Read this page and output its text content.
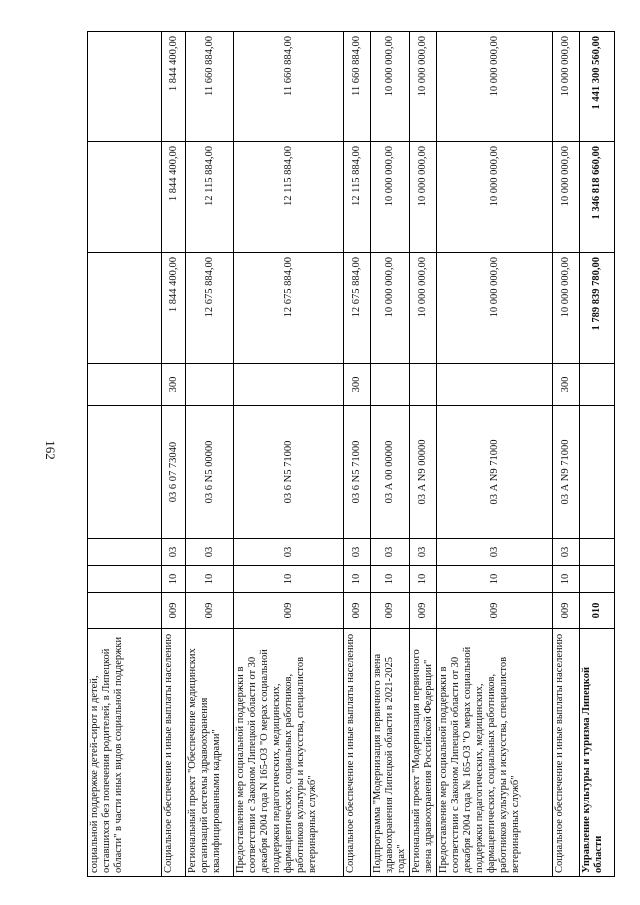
162
социальной поддержке детей-сирот и детей, оставшихся без попечения родителей, в Липецкой области" в части иных видов социальной поддержки								
Социальное обеспечение и иные выплаты населению	009	10	03	03 6 07 73040	300	1 844 400,00	1 844 400,00	1 844 400,00
Региональный проект "Обеспечение медицинских организаций системы здравоохранения квалифицированными кадрами"	009	10	03	03 6 N5 00000		12 675 884,00	12 115 884,00	11 660 884,00
Предоставление мер социальной поддержки в соответствии с Законом Липецкой области от 30 декабря 2004 года N 165-ОЗ "О мерах социальной поддержки педагогических, медицинских, фармацевтических, социальных работников, работников культуры и искусства, специалистов ветеринарных служб"	009	10	03	03 6 N5 71000		12 675 884,00	12 115 884,00	11 660 884,00
Социальное обеспечение и иные выплаты населению	009	10	03	03 6 N5 71000	300	12 675 884,00	12 115 884,00	11 660 884,00
Подпрограмма "Модернизация первичного звена здравоохранения Липецкой области в 2021-2025 годах"	009	10	03	03 А 00 00000		10 000 000,00	10 000 000,00	10 000 000,00
Региональный проект "Модернизация первичного звена здравоохранения Российской Федерации"	009	10	03	03 А N9 00000		10 000 000,00	10 000 000,00	10 000 000,00
Предоставление мер социальной поддержки в соответствии с Законом Липецкой области от 30 декабря 2004 года № 165-ОЗ "О мерах социальной поддержки педагогических, медицинских, фармацевтических, социальных работников, работников культуры и искусства, специалистов ветеринарных служб"	009	10	03	03 А N9 71000		10 000 000,00	10 000 000,00	10 000 000,00
Социальное обеспечение и иные выплаты населению	009	10	03	03 А N9 71000	300	10 000 000,00	10 000 000,00	10 000 000,00
Управление культуры и туризма Липецкой области	010					1 789 839 780,00	1 346 818 660,00	1 441 300 560,00
